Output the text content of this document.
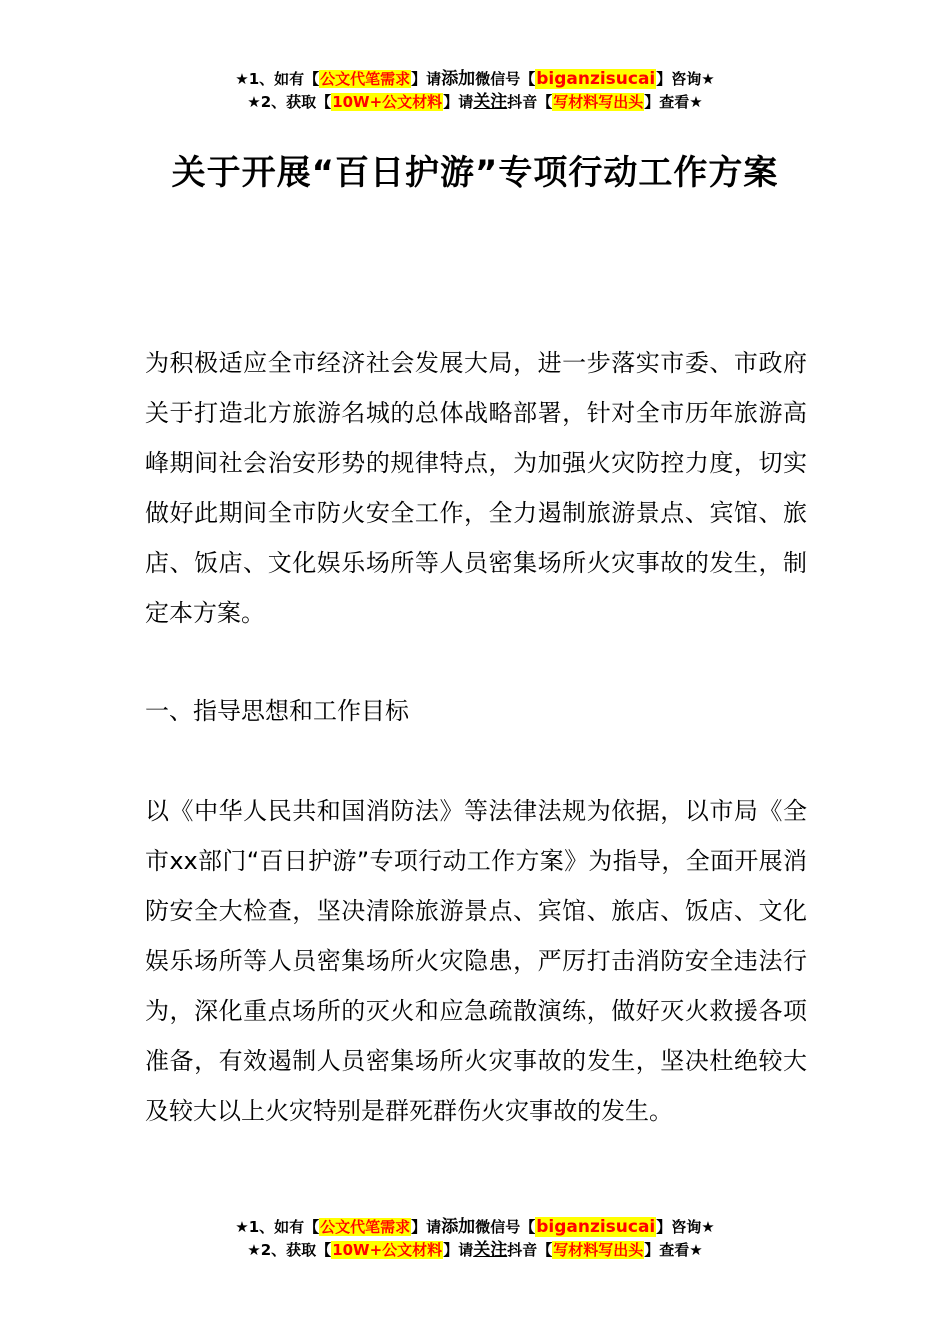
★1、如有【公文代笔需求】请添加微信号【biganzisucai】咨询★
★2、获取【10W+公文材料】请关注抖音【写材料写出头】查看★
关于开展“百日护游”专项行动工作方案

为积极适应全市经济社会发展大局，进一步落实市委、市政府关于打造北方旅游名城的总体战略部署，针对全市历年旅游高峰期间社会治安形势的规律特点，为加强火灾防控力度，切实做好此期间全市防火安全工作，全力遏制旅游景点、宾馆、旅店、饭店、文化娱乐场所等人员密集场所火灾事故的发生，制定本方案。

一、指导思想和工作目标

以《中华人民共和国消防法》等法律法规为依据，以市局《全市xx部门“百日护游”专项行动工作方案》为指导，全面开展消防安全大检查，坚决清除旅游景点、宾馆、旅店、饭店、文化娱乐场所等人员密集场所火灾隐患，严厉打击消防安全违法行为，深化重点场所的灭火和应急疏散演练，做好灭火救援各项准备，有效遏制人员密集场所火灾事故的发生，坚决杜绝较大及较大以上火灾特别是群死群伤火灾事故的发生。

★1、如有【公文代笔需求】请添加微信号【biganzisucai】咨询★
★2、获取【10W+公文材料】请关注抖音【写材料写出头】查看★
